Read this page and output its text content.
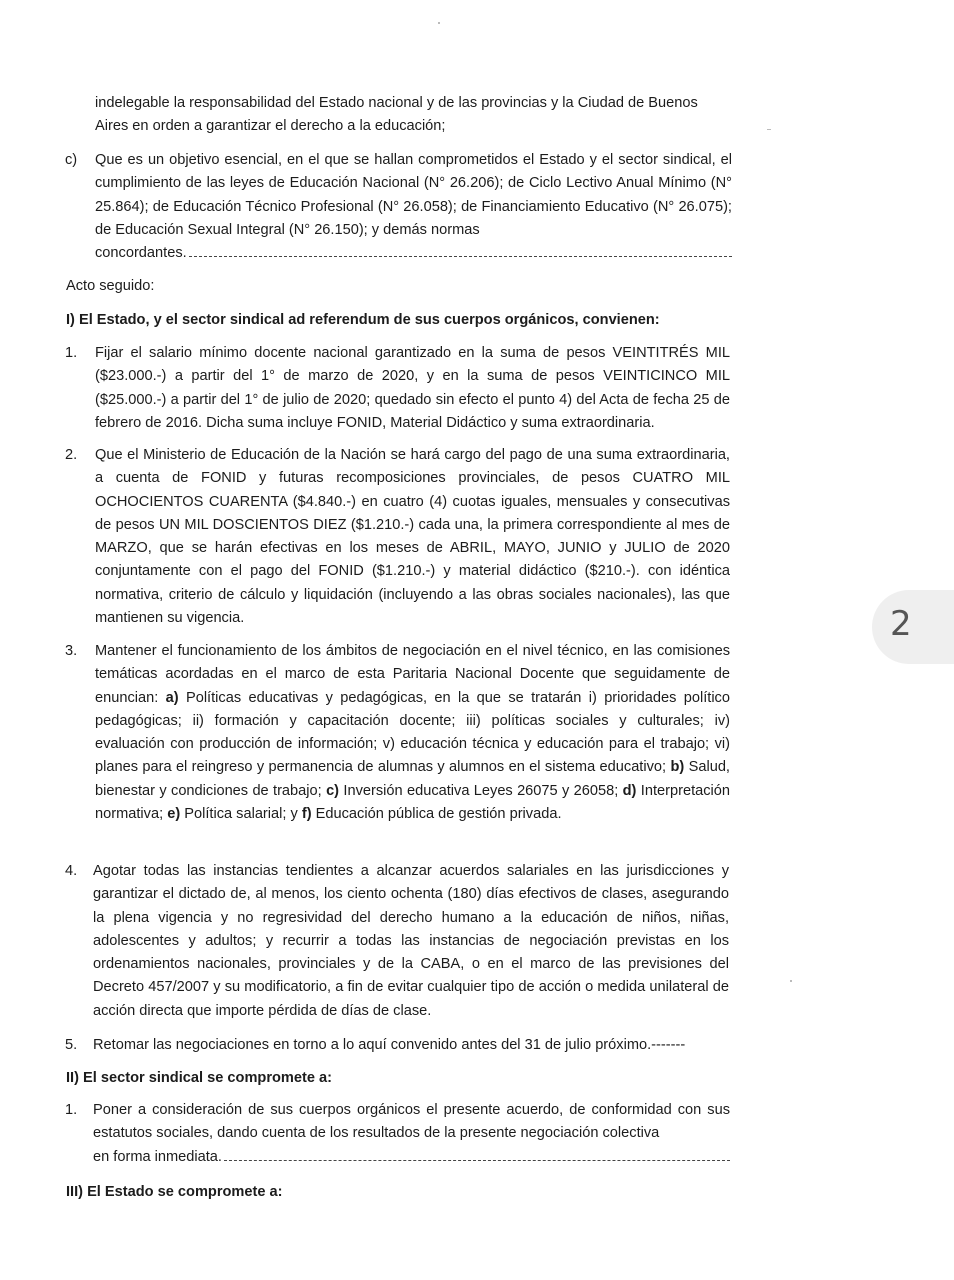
indelegable la responsabilidad del Estado nacional y de las provincias y la Ciudad de Buenos

Aires en orden a garantizar el derecho a la educación;

c) Que es un objetivo esencial, en el que se hallan comprometidos el Estado y el sector sindical, el cumplimiento de las leyes de Educación Nacional (N° 26.206); de Ciclo Lectivo Anual Mínimo (N° 25.864); de Educación Técnico Profesional (N° 26.058); de Financiamiento Educativo (N° 26.075); de Educación Sexual Integral (N° 26.150); y demás normas

concordantes.

Acto seguido:
I) El Estado, y el sector sindical ad referendum de sus cuerpos orgánicos, convienen:
1. Fijar el salario mínimo docente nacional garantizado en la suma de pesos VEINTITRÉS MIL ($23.000.-) a partir del 1° de marzo de 2020, y en la suma de pesos VEINTICINCO MIL ($25.000.-) a partir del 1° de julio de 2020; quedado sin efecto el punto 4) del Acta de fecha 25 de febrero de 2016. Dicha suma incluye FONID, Material Didáctico y suma extraordinaria.

2. Que el Ministerio de Educación de la Nación se hará cargo del pago de una suma extraordinaria, a cuenta de FONID y futuras recomposiciones provinciales, de pesos CUATRO MIL OCHOCIENTOS CUARENTA ($4.840.-) en cuatro (4) cuotas iguales, mensuales y consecutivas de pesos UN MIL DOSCIENTOS DIEZ ($1.210.-) cada una, la primera correspondiente al mes de MARZO, que se harán efectivas en los meses de ABRIL, MAYO, JUNIO y JULIO de 2020 conjuntamente con el pago del FONID ($1.210.-) y material didáctico ($210.-). con idéntica normativa, criterio de cálculo y liquidación (incluyendo a las obras sociales nacionales), las que mantienen su vigencia.

3. Mantener el funcionamiento de los ámbitos de negociación en el nivel técnico, en las comisiones temáticas acordadas en el marco de esta Paritaria Nacional Docente que seguidamente de enuncian: a) Políticas educativas y pedagógicas, en la que se tratarán i) prioridades político pedagógicas; ii) formación y capacitación docente; iii) políticas sociales y culturales; iv) evaluación con producción de información; v) educación técnica y educación para el trabajo; vi) planes para el reingreso y permanencia de alumnas y alumnos en el sistema educativo; b) Salud, bienestar y condiciones de trabajo; c) Inversión educativa Leyes 26075 y 26058; d) Interpretación normativa; e) Política salarial; y f) Educación pública de gestión privada.

4. Agotar todas las instancias tendientes a alcanzar acuerdos salariales en las jurisdicciones y garantizar el dictado de, al menos, los ciento ochenta (180) días efectivos de clases, asegurando la plena vigencia y no regresividad del derecho humano a la educación de niños, niñas, adolescentes y adultos; y recurrir a todas las instancias de negociación previstas en los ordenamientos nacionales, provinciales y de la CABA, o en el marco de las previsiones del Decreto 457/2007 y su modificatorio, a fin de evitar cualquier tipo de acción o medida unilateral de acción directa que importe pérdida de días de clase.

5. Retomar las negociaciones en torno a lo aquí convenido antes del 31 de julio próximo.-------

II) El sector sindical se compromete a:
1. Poner a consideración de sus cuerpos orgánicos el presente acuerdo, de conformidad con sus estatutos sociales, dando cuenta de los resultados de la presente negociación colectiva

en forma inmediata.

III) El Estado se compromete a:
2
